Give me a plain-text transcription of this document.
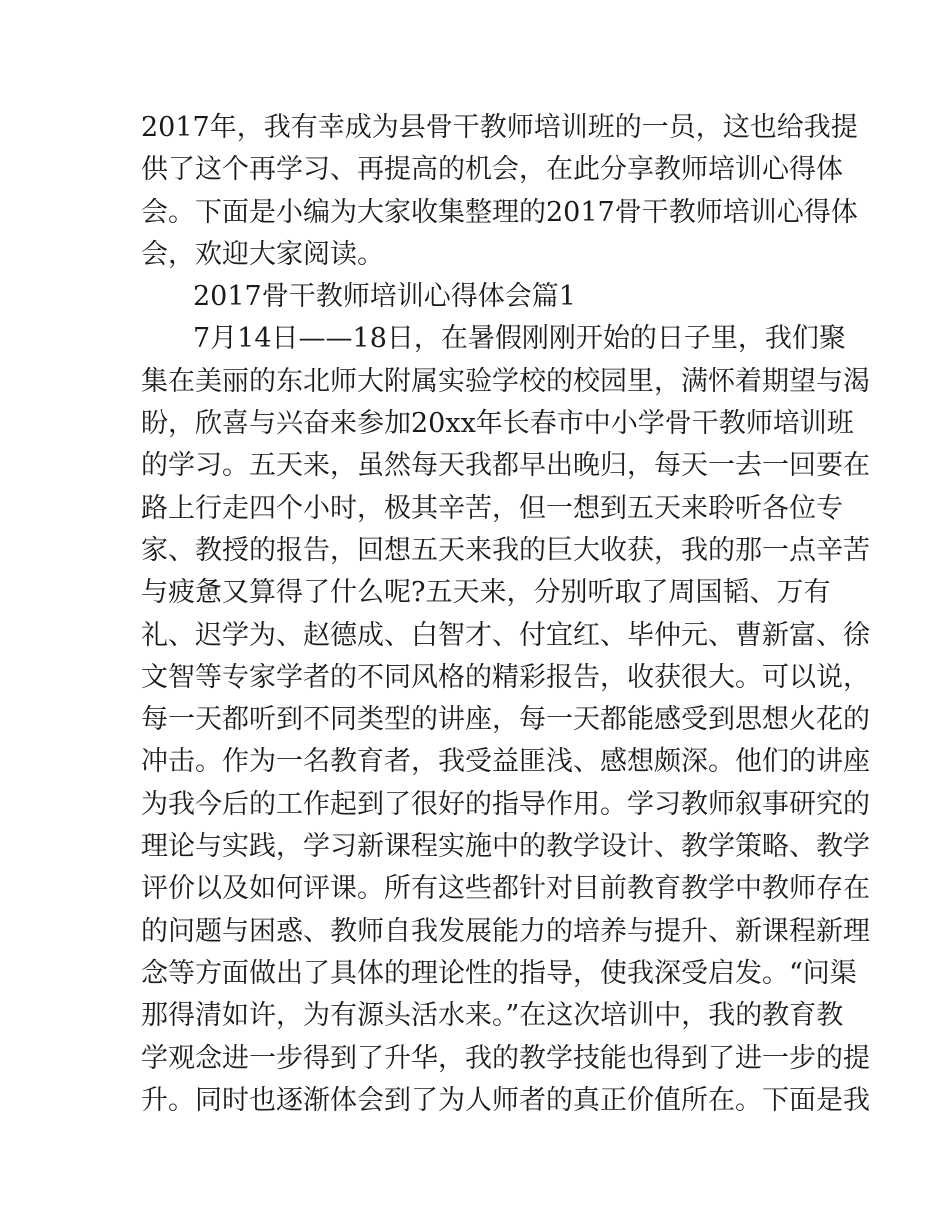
2017年，我有幸成为县骨干教师培训班的一员，这也给我提
供了这个再学习、再提高的机会，在此分享教师培训心得体
会。下面是小编为大家收集整理的2017骨干教师培训心得体
会，欢迎大家阅读。
2017骨干教师培训心得体会篇1
7月14日——18日，在暑假刚刚开始的日子里，我们聚
集在美丽的东北师大附属实验学校的校园里，满怀着期望与渴
盼，欣喜与兴奋来参加20xx年长春市中小学骨干教师培训班
的学习。五天来，虽然每天我都早出晚归，每天一去一回要在
路上行走四个小时，极其辛苦，但一想到五天来聆听各位专
家、教授的报告，回想五天来我的巨大收获，我的那一点辛苦
与疲惫又算得了什么呢?五天来，分别听取了周国韬、万有
礼、迟学为、赵德成、白智才、付宜红、毕仲元、曹新富、徐
文智等专家学者的不同风格的精彩报告，收获很大。可以说，
每一天都听到不同类型的讲座，每一天都能感受到思想火花的
冲击。作为一名教育者，我受益匪浅、感想颇深。他们的讲座
为我今后的工作起到了很好的指导作用。学习教师叙事研究的
理论与实践，学习新课程实施中的教学设计、教学策略、教学
评价以及如何评课。所有这些都针对目前教育教学中教师存在
的问题与困惑、教师自我发展能力的培养与提升、新课程新理
念等方面做出了具体的理论性的指导，使我深受启发。“问渠
那得清如许，为有源头活水来。”在这次培训中，我的教育教
学观念进一步得到了升华，我的教学技能也得到了进一步的提
升。同时也逐渐体会到了为人师者的真正价值所在。下面是我
